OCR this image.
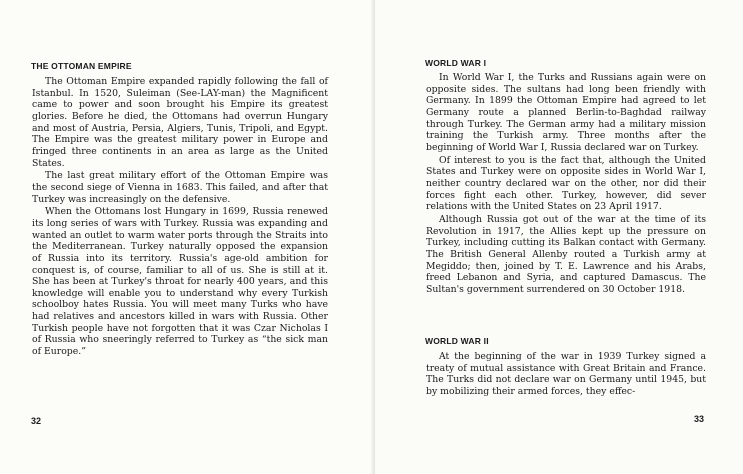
THE OTTOMAN EMPIRE

The Ottoman Empire expanded rapidly following the fall of Istanbul. In 1520, Suleiman (See-LAY-man) the Magnificent came to power and soon brought his Empire its greatest glories. Before he died, the Ottomans had overrun Hungary and most of Austria, Persia, Algiers, Tunis, Tripoli, and Egypt. The Empire was the greatest military power in Europe and fringed three continents in an area as large as the United States.

The last great military effort of the Ottoman Empire was the second siege of Vienna in 1683. This failed, and after that Turkey was increasingly on the defensive.

When the Ottomans lost Hungary in 1699, Russia renewed its long series of wars with Turkey. Russia was expanding and wanted an outlet to warm water ports through the Straits into the Mediterranean. Turkey naturally opposed the expansion of Russia into its territory. Russia's age-old ambition for conquest is, of course, familiar to all of us. She is still at it. She has been at Turkey's throat for nearly 400 years, and this knowledge will enable you to understand why every Turkish schoolboy hates Russia. You will meet many Turks who have had relatives and ancestors killed in wars with Russia. Other Turkish people have not forgotten that it was Czar Nicholas I of Russia who sneeringly referred to Turkey as “the sick man of Europe.”

32
WORLD WAR I

In World War I, the Turks and Russians again were on opposite sides. The sultans had long been friendly with Germany. In 1899 the Ottoman Empire had agreed to let Germany route a planned Berlin-to-Baghdad railway through Turkey. The German army had a military mission training the Turkish army. Three months after the beginning of World War I, Russia declared war on Turkey.

Of interest to you is the fact that, although the United States and Turkey were on opposite sides in World War I, neither country declared war on the other, nor did their forces fight each other. Turkey, however, did sever relations with the United States on 23 April 1917.

Although Russia got out of the war at the time of its Revolution in 1917, the Allies kept up the pressure on Turkey, including cutting its Balkan contact with Germany. The British General Allenby routed a Turkish army at Megiddo; then, joined by T. E. Lawrence and his Arabs, freed Lebanon and Syria, and captured Damascus. The Sultan's government surrendered on 30 October 1918.

WORLD WAR II

At the beginning of the war in 1939 Turkey signed a treaty of mutual assistance with Great Britain and France. The Turks did not declare war on Germany until 1945, but by mobilizing their armed forces, they effec-

33
